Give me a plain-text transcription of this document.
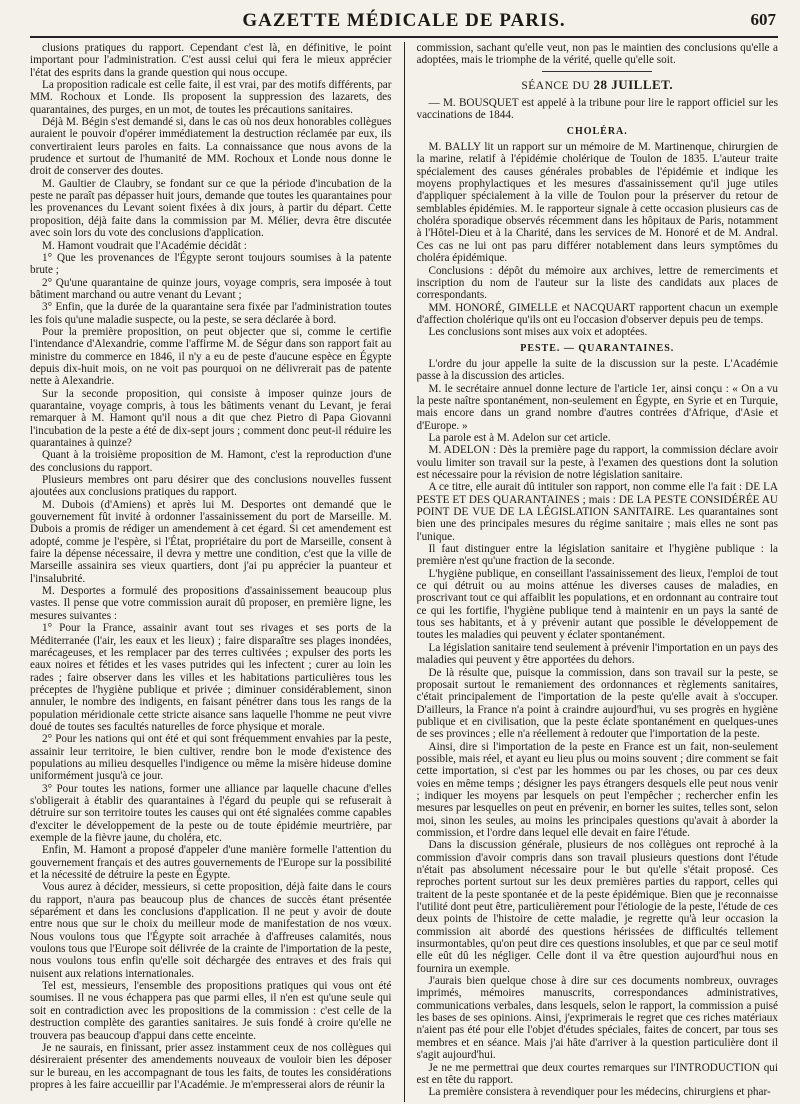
GAZETTE MÉDICALE DE PARIS.	607

clusions pratiques du rapport. Cependant c'est là, en définitive, le point important pour l'administration. C'est aussi celui qui fera le mieux apprécier l'état des esprits dans la grande question qui nous occupe.

La proposition radicale est celle faite, il est vrai, par des motifs différents, par MM. Rochoux et Londe. Ils proposent la suppression des lazarets, des quarantaines, des purges, en un mot, de toutes les précautions sanitaires.

Déjà M. Bégin s'est demandé si, dans le cas où nos deux honorables collègues auraient le pouvoir d'opérer immédiatement la destruction réclamée par eux, ils convertiraient leurs paroles en faits. La connaissance que nous avons de la prudence et surtout de l'humanité de MM. Rochoux et Londe nous donne le droit de conserver des doutes.

M. Gaultier de Claubry, se fondant sur ce que la période d'incubation de la peste ne paraît pas dépasser huit jours, demande que toutes les quarantaines pour les provenances du Levant soient fixées à dix jours, à partir du départ. Cette proposition, déjà faite dans la commission par M. Mélier, devra être discutée avec soin lors du vote des conclusions d'application.

M. Hamont voudrait que l'Académie décidât :

1° Que les provenances de l'Égypte seront toujours soumises à la patente brute ;

2° Qu'une quarantaine de quinze jours, voyage compris, sera imposée à tout bâtiment marchand ou autre venant du Levant ;

3° Enfin, que la durée de la quarantaine sera fixée par l'administration toutes les fois qu'une maladie suspecte, ou la peste, se sera déclarée à bord.

Pour la première proposition, on peut objecter que si, comme le certifie l'intendance d'Alexandrie, comme l'affirme M. de Ségur dans son rapport fait au ministre du commerce en 1846, il n'y a eu de peste d'aucune espèce en Égypte depuis dix-huit mois, on ne voit pas pourquoi on ne délivrerait pas de patente nette à Alexandrie.

Sur la seconde proposition, qui consiste à imposer quinze jours de quarantaine, voyage compris, à tous les bâtiments venant du Levant, je ferai remarquer à M. Hamont qu'il nous a dit que chez Pietro di Papa Giovanni l'incubation de la peste a été de dix-sept jours ; comment donc peut-il réduire les quarantaines à quinze?

Quant à la troisième proposition de M. Hamont, c'est la reproduction d'une des conclusions du rapport.

Plusieurs membres ont paru désirer que des conclusions nouvelles fussent ajoutées aux conclusions pratiques du rapport.

M. Dubois (d'Amiens) et après lui M. Desportes ont demandé que le gouvernement fût invité à ordonner l'assainissement du port de Marseille. M. Dubois a promis de rédiger un amendement à cet égard. Si cet amendement est adopté, comme je l'espère, si l'État, propriétaire du port de Marseille, consent à faire la dépense nécessaire, il devra y mettre une condition, c'est que la ville de Marseille assainira ses vieux quartiers, dont j'ai pu apprécier la puanteur et l'insalubrité.

M. Desportes a formulé des propositions d'assainissement beaucoup plus vastes. Il pense que votre commission aurait dû proposer, en première ligne, les mesures suivantes :

1° Pour la France, assainir avant tout ses rivages et ses ports de la Méditerranée (l'air, les eaux et les lieux) ; faire disparaître ses plages inondées, marécageuses, et les remplacer par des terres cultivées ; expulser des ports les eaux noires et fétides et les vases putrides qui les infectent ; curer au loin les rades ; faire observer dans les villes et les habitations particulières tous les préceptes de l'hygiène publique et privée ; diminuer considérablement, sinon annuler, le nombre des indigents, en faisant pénétrer dans tous les rangs de la population méridionale cette stricte aisance sans laquelle l'homme ne peut vivre doué de toutes ses facultés naturelles de force physique et morale.

2° Pour les nations qui ont été et qui sont fréquemment envahies par la peste, assainir leur territoire, le bien cultiver, rendre bon le mode d'existence des populations au milieu desquelles l'indigence ou même la misère hideuse domine uniformément jusqu'à ce jour.

3° Pour toutes les nations, former une alliance par laquelle chacune d'elles s'obligerait à établir des quarantaines à l'égard du peuple qui se refuserait à détruire sur son territoire toutes les causes qui ont été signalées comme capables d'exciter le développement de la peste ou de toute épidémie meurtrière, par exemple de la fièvre jaune, du choléra, etc.

Enfin, M. Hamont a proposé d'appeler d'une manière formelle l'attention du gouvernement français et des autres gouvernements de l'Europe sur la possibilité et la nécessité de détruire la peste en Égypte.

Vous aurez à décider, messieurs, si cette proposition, déjà faite dans le cours du rapport, n'aura pas beaucoup plus de chances de succès étant présentée séparément et dans les conclusions d'application. Il ne peut y avoir de doute entre nous que sur le choix du meilleur mode de manifestation de nos vœux. Nous voulons tous que l'Égypte soit arrachée à d'affreuses calamités, nous voulons tous que l'Europe soit délivrée de la crainte de l'importation de la peste, nous voulons tous enfin qu'elle soit déchargée des entraves et des frais qui nuisent aux relations internationales.

Tel est, messieurs, l'ensemble des propositions pratiques qui vous ont été soumises. Il ne vous échappera pas que parmi elles, il n'en est qu'une seule qui soit en contradiction avec les propositions de la commission : c'est celle de la destruction complète des garanties sanitaires. Je suis fondé à croire qu'elle ne trouvera pas beaucoup d'appui dans cette enceinte.

Je ne saurais, en finissant, prier assez instamment ceux de nos collègues qui désireraient présenter des amendements nouveaux de vouloir bien les déposer sur le bureau, en les accompagnant de tous les faits, de toutes les considérations propres à les faire accueillir par l'Académie. Je m'empresserai alors de réunir la

commission, sachant qu'elle veut, non pas le maintien des conclusions qu'elle a adoptées, mais le triomphe de la vérité, quelle qu'elle soit.

SÉANCE DU 28 JUILLET.

— M. BOUSQUET est appelé à la tribune pour lire le rapport officiel sur les vaccinations de 1844.

CHOLÉRA.

M. BALLY lit un rapport sur un mémoire de M. Martinenque, chirurgien de la marine, relatif à l'épidémie cholérique de Toulon de 1835. L'auteur traite spécialement des causes générales probables de l'épidémie et indique les moyens prophylactiques et les mesures d'assainissement qu'il juge utiles d'appliquer spécialement à la ville de Toulon pour la préserver du retour de semblables épidémies. M. le rapporteur signale à cette occasion plusieurs cas de choléra sporadique observés récemment dans les hôpitaux de Paris, notamment à l'Hôtel-Dieu et à la Charité, dans les services de M. Honoré et de M. Andral. Ces cas ne lui ont pas paru différer notablement dans leurs symptômes du choléra épidémique.

Conclusions : dépôt du mémoire aux archives, lettre de remerciments et inscription du nom de l'auteur sur la liste des candidats aux places de correspondants.

MM. HONORÉ, GIMELLE et NACQUART rapportent chacun un exemple d'affection cholérique qu'ils ont eu l'occasion d'observer depuis peu de temps.

Les conclusions sont mises aux voix et adoptées.

PESTE. — QUARANTAINES.

L'ordre du jour appelle la suite de la discussion sur la peste. L'Académie passe à la discussion des articles.

M. le secrétaire annuel donne lecture de l'article 1er, ainsi conçu : « On a vu la peste naître spontanément, non-seulement en Égypte, en Syrie et en Turquie, mais encore dans un grand nombre d'autres contrées d'Afrique, d'Asie et d'Europe. »

La parole est à M. Adelon sur cet article.

M. ADELON : Dès la première page du rapport, la commission déclare avoir voulu limiter son travail sur la peste, à l'examen des questions dont la solution est nécessaire pour la révision de notre législation sanitaire.

A ce titre, elle aurait dû intituler son rapport, non comme elle l'a fait : DE LA PESTE ET DES QUARANTAINES ; mais : DE LA PESTE CONSIDÉRÉE AU POINT DE VUE DE LA LÉGISLATION SANITAIRE. Les quarantaines sont bien une des principales mesures du régime sanitaire ; mais elles ne sont pas l'unique.

Il faut distinguer entre la législation sanitaire et l'hygiène publique : la première n'est qu'une fraction de la seconde.

L'hygiène publique, en conseillant l'assainissement des lieux, l'emploi de tout ce qui détruit ou au moins atténue les diverses causes de maladies, en proscrivant tout ce qui affaiblit les populations, et en ordonnant au contraire tout ce qui les fortifie, l'hygiène publique tend à maintenir en un pays la santé de tous ses habitants, et à y prévenir autant que possible le développement de toutes les maladies qui peuvent y éclater spontanément.

La législation sanitaire tend seulement à prévenir l'importation en un pays des maladies qui peuvent y être apportées du dehors.

De là résulte que, puisque la commission, dans son travail sur la peste, se proposait surtout le remaniement des ordonnances et règlements sanitaires, c'était principalement de l'importation de la peste qu'elle avait à s'occuper. D'ailleurs, la France n'a point à craindre aujourd'hui, vu ses progrès en hygiène publique et en civilisation, que la peste éclate spontanément en quelques-unes de ses provinces ; elle n'a réellement à redouter que l'importation de la peste.

Ainsi, dire si l'importation de la peste en France est un fait, non-seulement possible, mais réel, et ayant eu lieu plus ou moins souvent ; dire comment se fait cette importation, si c'est par les hommes ou par les choses, ou par ces deux voies en même temps ; désigner les pays étrangers desquels elle peut nous venir ; indiquer les moyens par lesquels on peut l'empêcher ; rechercher enfin les mesures par lesquelles on peut en prévenir, en borner les suites, telles sont, selon moi, sinon les seules, au moins les principales questions qu'avait à aborder la commission, et l'ordre dans lequel elle devait en faire l'étude.

Dans la discussion générale, plusieurs de nos collègues ont reproché à la commission d'avoir compris dans son travail plusieurs questions dont l'étude n'était pas absolument nécessaire pour le but qu'elle s'était proposé. Ces reproches portent surtout sur les deux premières parties du rapport, celles qui traitent de la peste spontanée et de la peste épidémique. Bien que je reconnaisse l'utilité dont peut être, particulièrement pour l'étiologie de la peste, l'étude de ces deux points de l'histoire de cette maladie, je regrette qu'à leur occasion la commission ait abordé des questions hérissées de difficultés tellement insurmontables, qu'on peut dire ces questions insolubles, et que par ce seul motif elle eût dû les négliger. Celle dont il va être question aujourd'hui nous en fournira un exemple.

J'aurais bien quelque chose à dire sur ces documents nombreux, ouvrages imprimés, mémoires manuscrits, correspondances administratives, communications verbales, dans lesquels, selon le rapport, la commission a puisé les bases de ses opinions. Ainsi, j'exprimerais le regret que ces riches matériaux n'aient pas été pour elle l'objet d'études spéciales, faites de concert, par tous ses membres et en séance. Mais j'ai hâte d'arriver à la question particulière dont il s'agit aujourd'hui.

Je ne me permettrai que deux courtes remarques sur l'INTRODUCTION qui est en tête du rapport.

La première consistera à revendiquer pour les médecins, chirurgiens et phar-
